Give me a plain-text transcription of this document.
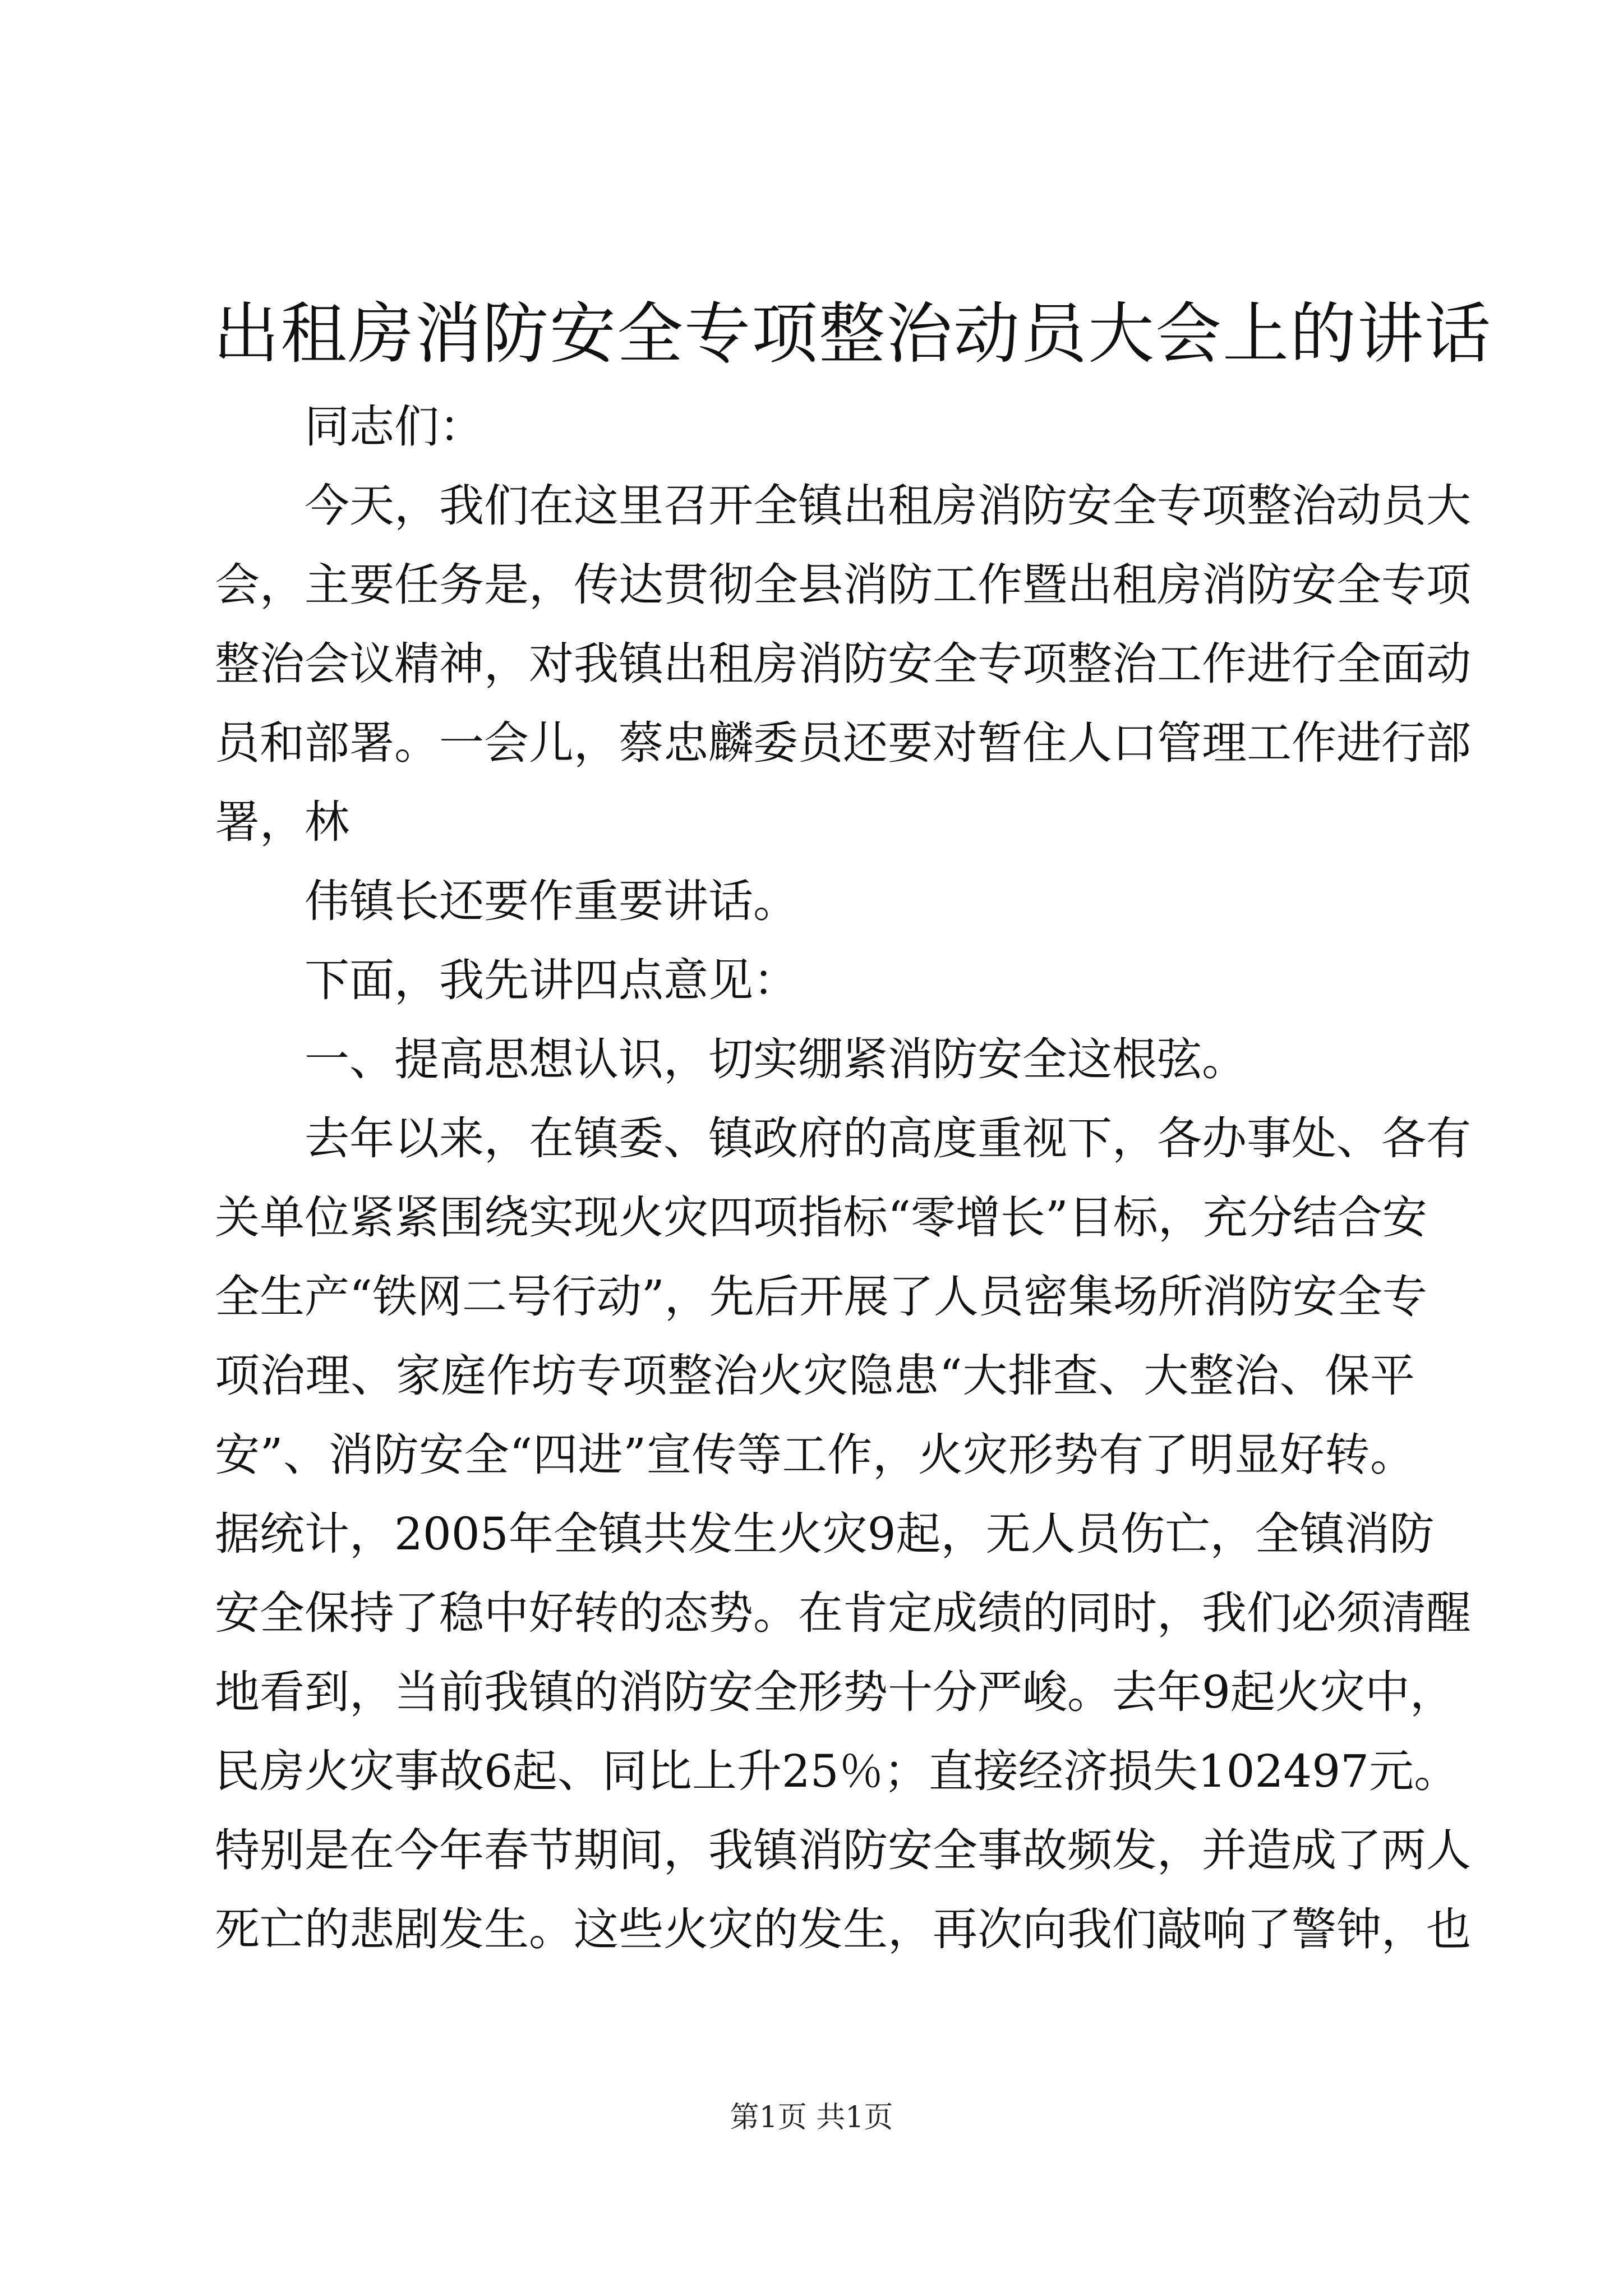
出租房消防安全专项整治动员大会上的讲话
同志们：
今天，我们在这里召开全镇出租房消防安全专项整治动员大
会，主要任务是，传达贯彻全县消防工作暨出租房消防安全专项
整治会议精神，对我镇出租房消防安全专项整治工作进行全面动
员和部署。一会儿，蔡忠麟委员还要对暂住人口管理工作进行部
署，林
伟镇长还要作重要讲话。
下面，我先讲四点意见：
一、提高思想认识，切实绷紧消防安全这根弦。
去年以来，在镇委、镇政府的高度重视下，各办事处、各有
关单位紧紧围绕实现火灾四项指标“零增长”目标，充分结合安
全生产“铁网二号行动”，先后开展了人员密集场所消防安全专
项治理、家庭作坊专项整治火灾隐患“大排查、大整治、保平
安”、消防安全“四进”宣传等工作，火灾形势有了明显好转。
据统计，2005年全镇共发生火灾9起，无人员伤亡，全镇消防
安全保持了稳中好转的态势。在肯定成绩的同时，我们必须清醒
地看到，当前我镇的消防安全形势十分严峻。去年9起火灾中，
民房火灾事故6起、同比上升25％；直接经济损失102497元。
特别是在今年春节期间，我镇消防安全事故频发，并造成了两人
死亡的悲剧发生。这些火灾的发生，再次向我们敲响了警钟，也
第1页 共1页
